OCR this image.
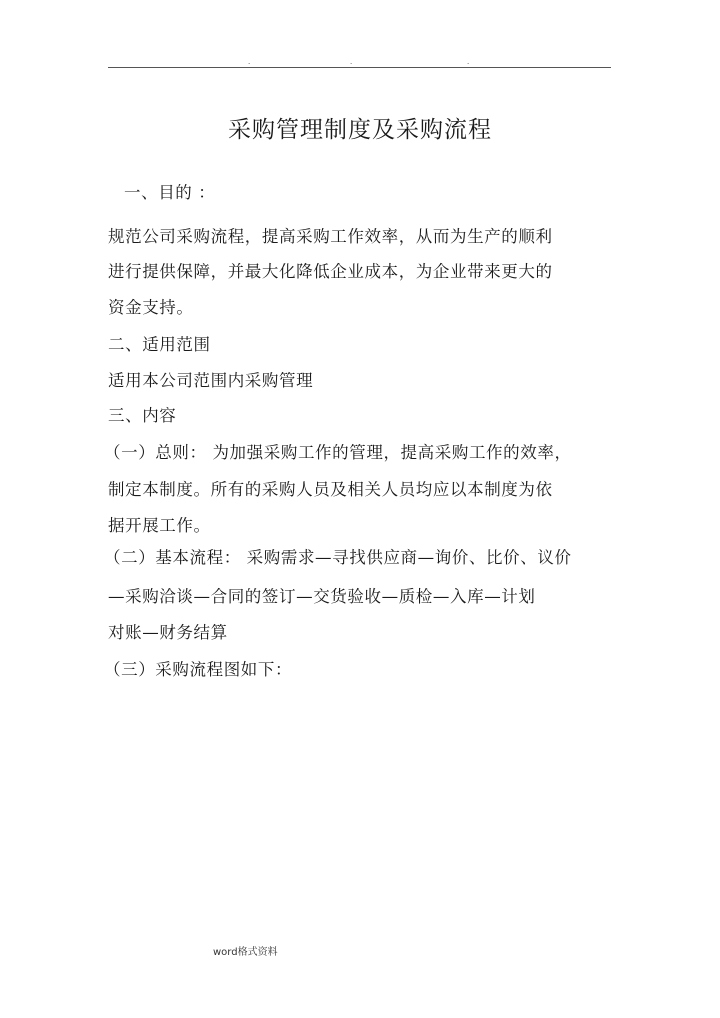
.	.	.
采购管理制度及采购流程
一、目的 ：
规范公司采购流程，提高采购工作效率，从而为生产的顺利
进行提供保障，并最大化降低企业成本，为企业带来更大的
资金支持。
二、适用范围
适用本公司范围内采购管理
三、内容
（一）总则： 为加强采购工作的管理，提高采购工作的效率，
制定本制度。所有的采购人员及相关人员均应以本制度为依
据开展工作。
（二）基本流程： 采购需求—寻找供应商—询价、比价、议价
—采购洽谈—合同的签订—交货验收—质检—入库—计划
对账—财务结算
（三）采购流程图如下：
word格式资料
